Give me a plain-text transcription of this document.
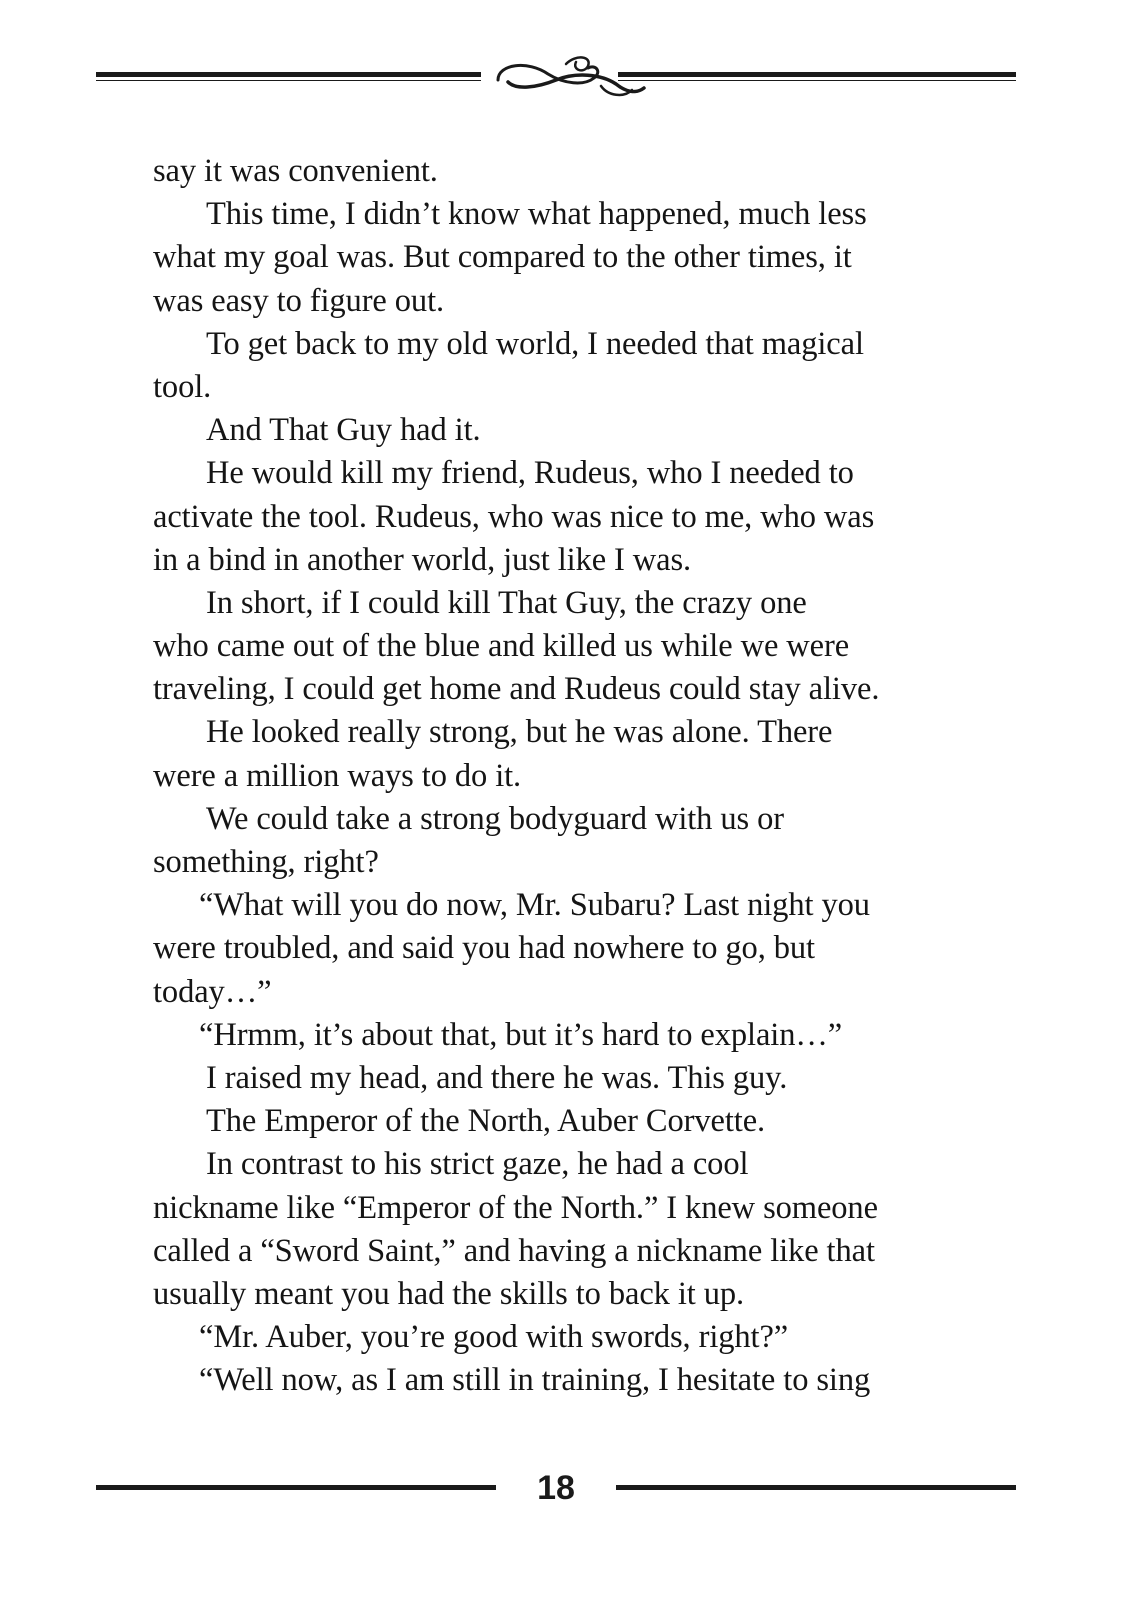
say it was convenient.
This time, I didn’t know what happened, much less
what my goal was. But compared to the other times, it
was easy to figure out.
To get back to my old world, I needed that magical
tool.
And That Guy had it.
He would kill my friend, Rudeus, who I needed to
activate the tool. Rudeus, who was nice to me, who was
in a bind in another world, just like I was.
In short, if I could kill That Guy, the crazy one
who came out of the blue and killed us while we were
traveling, I could get home and Rudeus could stay alive.
He looked really strong, but he was alone. There
were a million ways to do it.
We could take a strong bodyguard with us or
something, right?
“What will you do now, Mr. Subaru? Last night you
were troubled, and said you had nowhere to go, but
today…”
“Hrmm, it’s about that, but it’s hard to explain…”
I raised my head, and there he was. This guy.
The Emperor of the North, Auber Corvette.
In contrast to his strict gaze, he had a cool
nickname like “Emperor of the North.” I knew someone
called a “Sword Saint,” and having a nickname like that
usually meant you had the skills to back it up.
“Mr. Auber, you’re good with swords, right?”
“Well now, as I am still in training, I hesitate to sing
18
